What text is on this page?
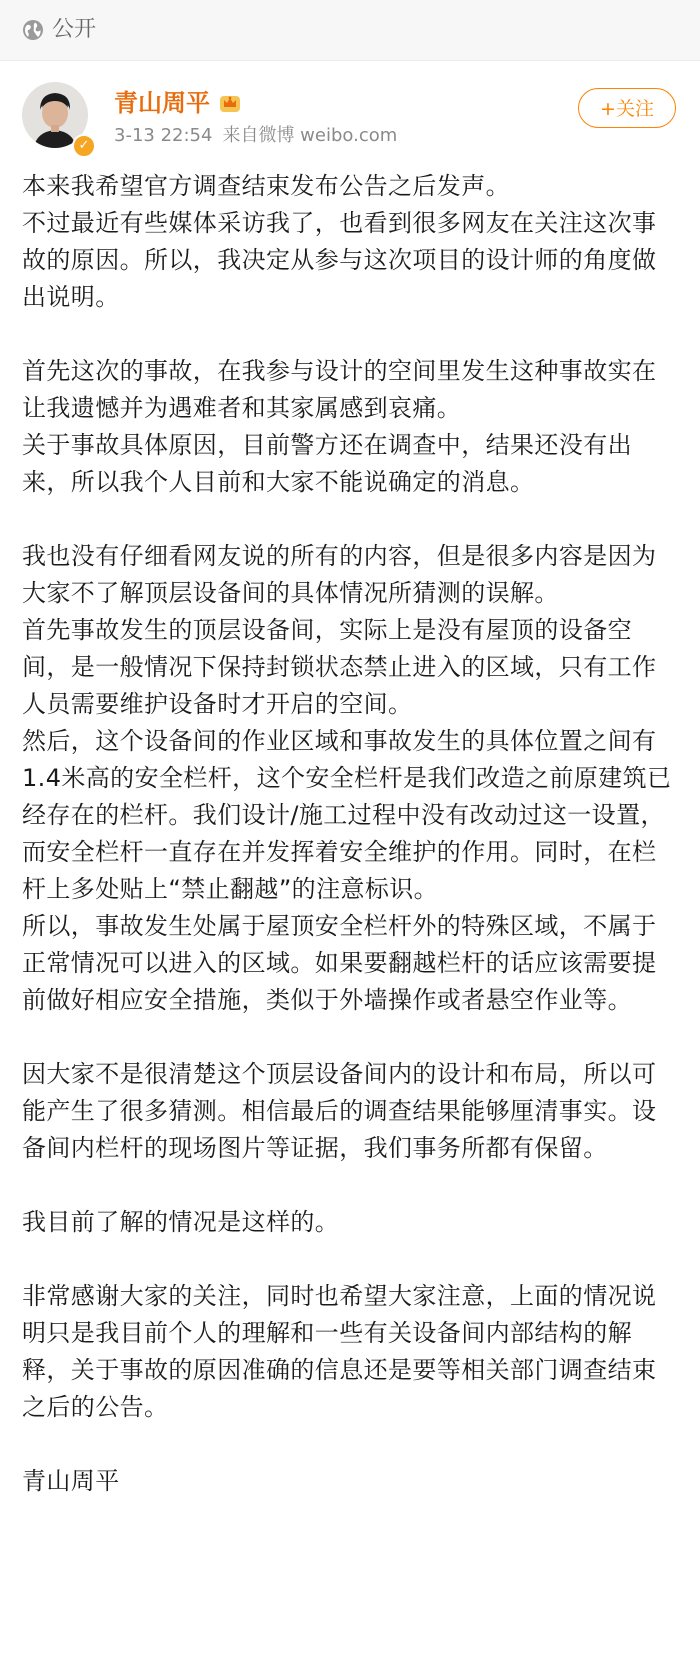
公开
✓
青山周平
3-13 22:54 来自微博 weibo.com
+关注

本来我希望官方调查结束发布公告之后发声。

不过最近有些媒体采访我了，也看到很多网友在关注这次事故的原因。所以，我决定从参与这次项目的设计师的角度做出说明。

首先这次的事故，在我参与设计的空间里发生这种事故实在让我遗憾并为遇难者和其家属感到哀痛。

关于事故具体原因，目前警方还在调查中，结果还没有出来，所以我个人目前和大家不能说确定的消息。

我也没有仔细看网友说的所有的内容，但是很多内容是因为大家不了解顶层设备间的具体情况所猜测的误解。

首先事故发生的顶层设备间，实际上是没有屋顶的设备空间，是一般情况下保持封锁状态禁止进入的区域，只有工作人员需要维护设备时才开启的空间。

然后，这个设备间的作业区域和事故发生的具体位置之间有1.4米高的安全栏杆，这个安全栏杆是我们改造之前原建筑已经存在的栏杆。我们设计/施工过程中没有改动过这一设置，而安全栏杆一直存在并发挥着安全维护的作用。同时，在栏杆上多处贴上“禁止翻越”的注意标识。

所以，事故发生处属于屋顶安全栏杆外的特殊区域，不属于正常情况可以进入的区域。如果要翻越栏杆的话应该需要提前做好相应安全措施，类似于外墙操作或者悬空作业等。

因大家不是很清楚这个顶层设备间内的设计和布局，所以可能产生了很多猜测。相信最后的调查结果能够厘清事实。设备间内栏杆的现场图片等证据，我们事务所都有保留。

我目前了解的情况是这样的。

非常感谢大家的关注，同时也希望大家注意，上面的情况说明只是我目前个人的理解和一些有关设备间内部结构的解释，关于事故的原因准确的信息还是要等相关部门调查结束之后的公告。

青山周平
